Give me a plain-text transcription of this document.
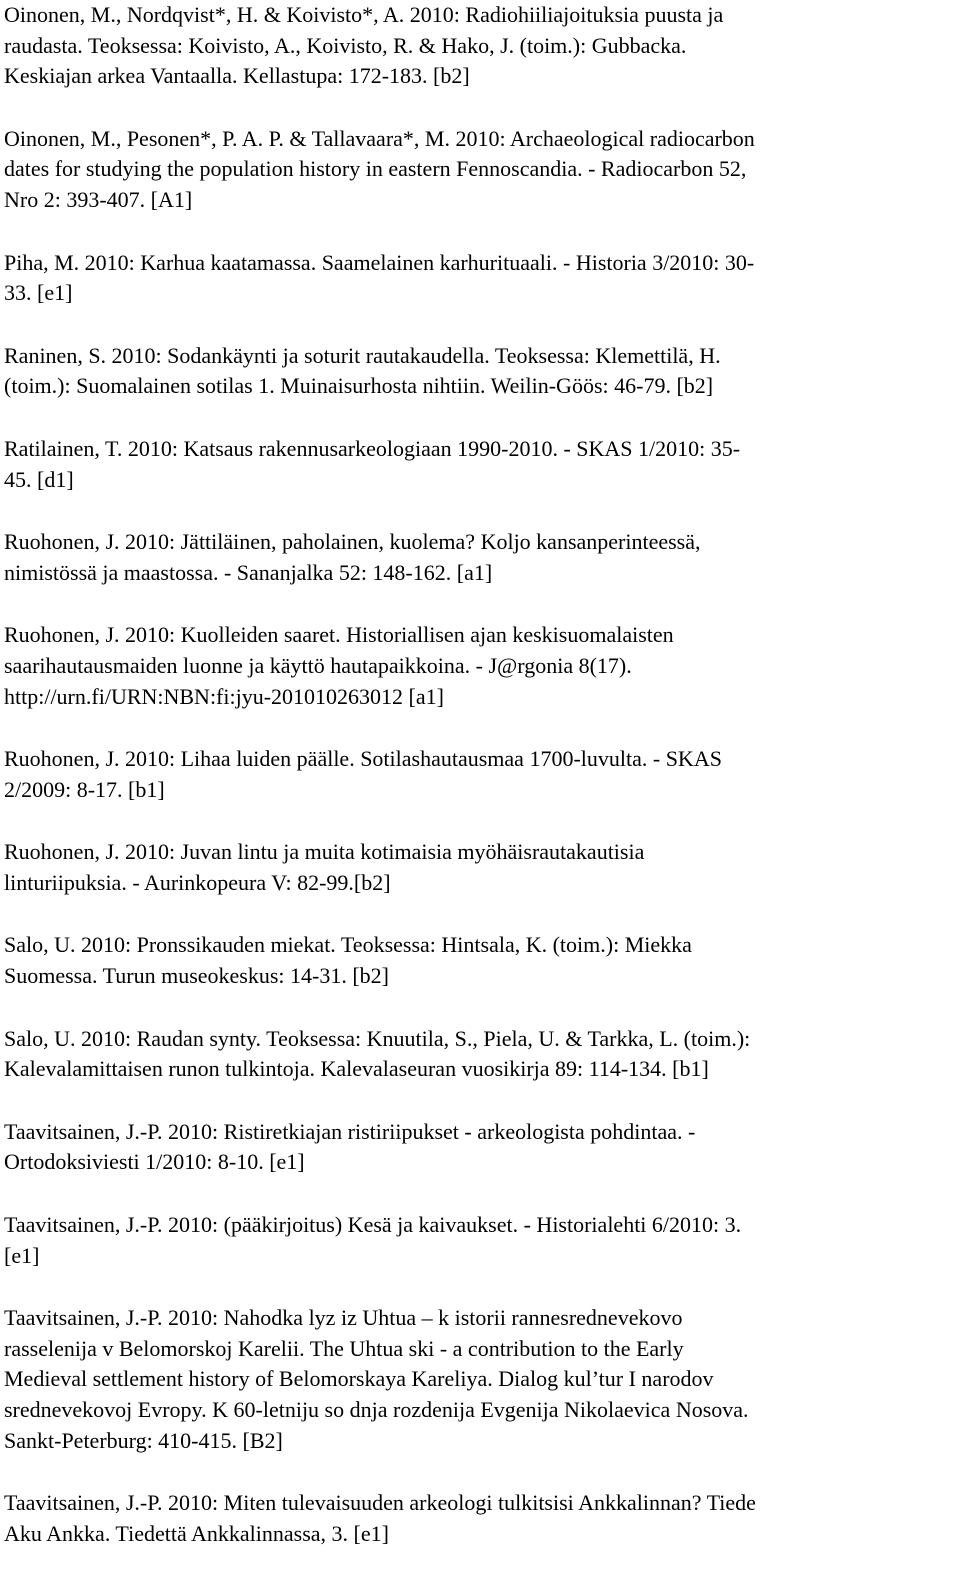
Oinonen, M., Nordqvist*, H. & Koivisto*, A. 2010: Radiohiiliajoituksia puusta ja
raudasta. Teoksessa: Koivisto, A., Koivisto, R. & Hako, J. (toim.): Gubbacka.
Keskiajan arkea Vantaalla. Kellastupa: 172-183. [b2]
Oinonen, M., Pesonen*, P. A. P. & Tallavaara*, M. 2010: Archaeological radiocarbon
dates for studying the population history in eastern Fennoscandia. - Radiocarbon 52,
Nro 2: 393-407. [A1]
Piha, M. 2010: Karhua kaatamassa. Saamelainen karhurituaali. - Historia 3/2010: 30-
33. [e1]
Raninen, S. 2010: Sodankäynti ja soturit rautakaudella. Teoksessa: Klemettilä, H.
(toim.): Suomalainen sotilas 1. Muinaisurhosta nihtiin. Weilin-Göös: 46-79. [b2]
Ratilainen, T. 2010: Katsaus rakennusarkeologiaan 1990-2010. - SKAS 1/2010: 35-
45. [d1]
Ruohonen, J. 2010: Jättiläinen, paholainen, kuolema? Koljo kansanperinteessä,
nimistössä ja maastossa. - Sananjalka 52: 148-162. [a1]
Ruohonen, J. 2010: Kuolleiden saaret. Historiallisen ajan keskisuomalaisten
saarihautausmaiden luonne ja käyttö hautapaikkoina. - J@rgonia 8(17).
http://urn.fi/URN:NBN:fi:jyu-201010263012 [a1]
Ruohonen, J. 2010: Lihaa luiden päälle. Sotilashautausmaa 1700-luvulta. - SKAS
2/2009: 8-17. [b1]
Ruohonen, J. 2010: Juvan lintu ja muita kotimaisia myöhäisrautakautisia
linturiipuksia. - Aurinkopeura V: 82-99.[b2]
Salo, U. 2010: Pronssikauden miekat. Teoksessa: Hintsala, K. (toim.): Miekka
Suomessa. Turun museokeskus: 14-31. [b2]
Salo, U. 2010: Raudan synty. Teoksessa: Knuutila, S., Piela, U. & Tarkka, L. (toim.):
Kalevalamittaisen runon tulkintoja. Kalevalaseuran vuosikirja 89: 114-134. [b1]
Taavitsainen, J.-P. 2010: Ristiretkiajan ristiriipukset - arkeologista pohdintaa. -
Ortodoksiviesti 1/2010: 8-10. [e1]
Taavitsainen, J.-P. 2010: (pääkirjoitus) Kesä ja kaivaukset. - Historialehti 6/2010: 3.
[e1]
Taavitsainen, J.-P. 2010: Nahodka lyz iz Uhtua – k istorii rannesrednevekovo
rasselenija v Belomorskoj Karelii. The Uhtua ski - a contribution to the Early
Medieval settlement history of Belomorskaya Kareliya. Dialog kul’tur I narodov
srednevekovoj Evropy. K 60-letniju so dnja rozdenija Evgenija Nikolaevica Nosova.
Sankt-Peterburg: 410-415. [B2]
Taavitsainen, J.-P. 2010: Miten tulevaisuuden arkeologi tulkitsisi Ankkalinnan? Tiede
Aku Ankka. Tiedettä Ankkalinnassa, 3. [e1]
